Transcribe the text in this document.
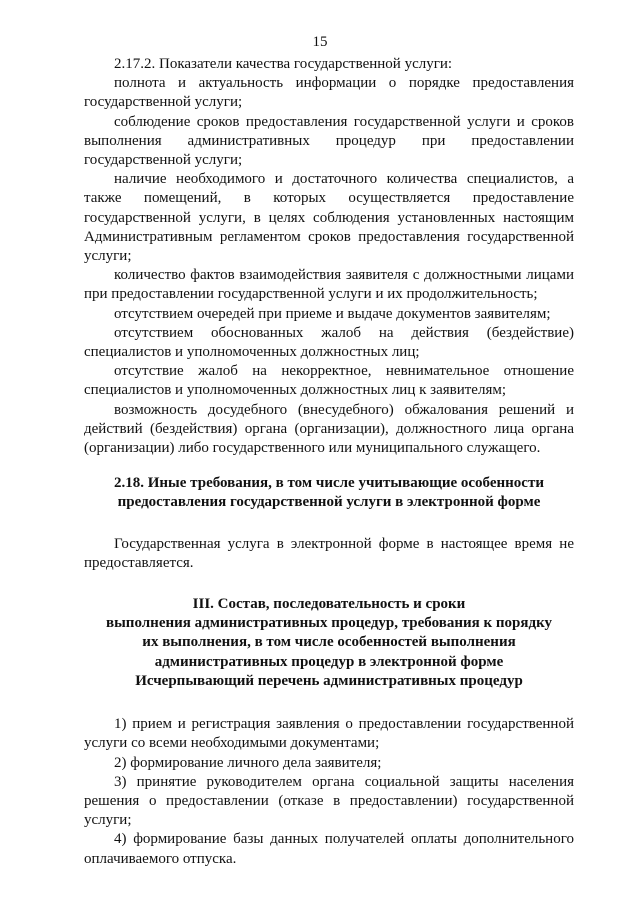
15

2.17.2. Показатели качества государственной услуги:

полнота и актуальность информации о порядке предоставления государственной услуги;

соблюдение сроков предоставления государственной услуги и сроков выполнения административных процедур при предоставлении государственной услуги;

наличие необходимого и достаточного количества специалистов, а также помещений, в которых осуществляется предоставление государственной услуги, в целях соблюдения установленных настоящим Административным регламентом сроков предоставления государственной услуги;

количество фактов взаимодействия заявителя с должностными лицами при предоставлении государственной услуги и их продолжительность;

отсутствием очередей при приеме и выдаче документов заявителям;

отсутствием обоснованных жалоб на действия (бездействие) специалистов и уполномоченных должностных лиц;

отсутствие жалоб на некорректное, невнимательное отношение специалистов и уполномоченных должностных лиц к заявителям;

возможность досудебного (внесудебного) обжалования решений и действий (бездействия) органа (организации), должностного лица органа (организации) либо государственного или муниципального служащего.

2.18. Иные требования, в том числе учитывающие особенности
предоставления государственной услуги в электронной форме

Государственная услуга в электронной форме в настоящее время не предоставляется.

III. Состав, последовательность и сроки
выполнения административных процедур, требования к порядку
их выполнения, в том числе особенностей выполнения
административных процедур в электронной форме
Исчерпывающий перечень административных процедур

1) прием и регистрация заявления о предоставлении государственной услуги со всеми необходимыми документами;

2) формирование личного дела заявителя;

3) принятие руководителем органа социальной защиты населения решения о предоставлении (отказе в предоставлении) государственной услуги;

4) формирование базы данных получателей оплаты дополнительного оплачиваемого отпуска.
